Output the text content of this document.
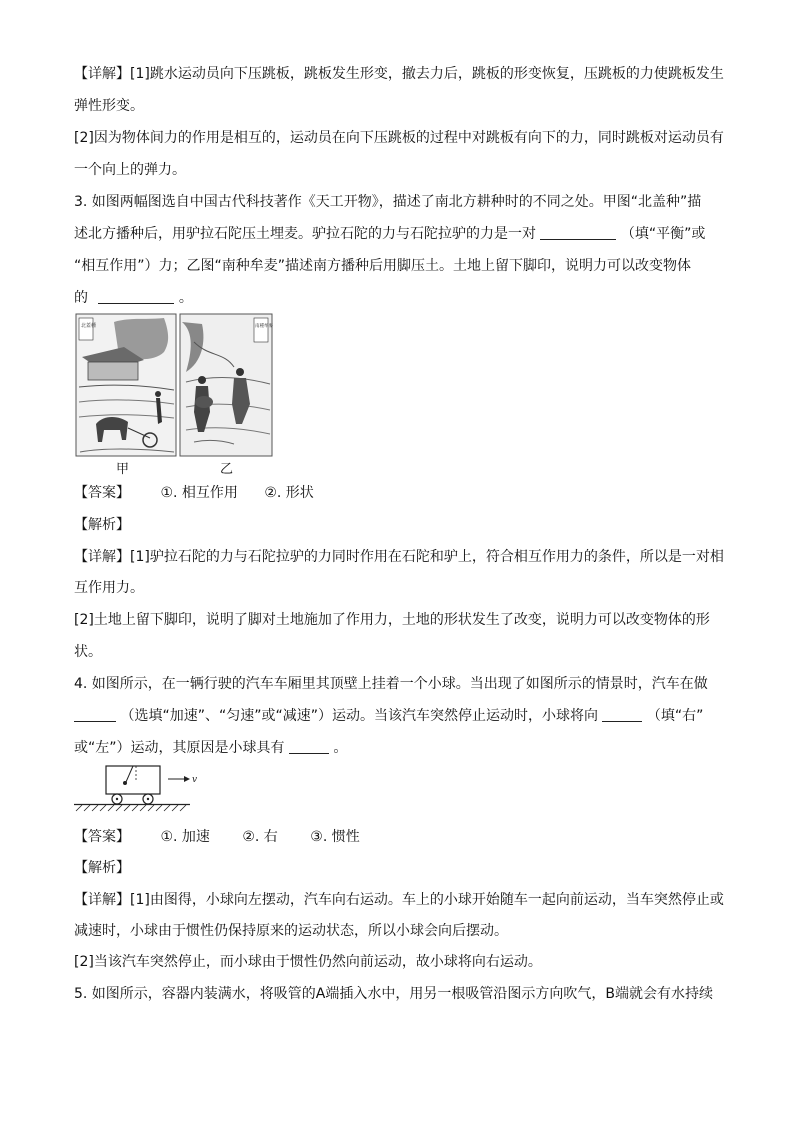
【详解】[1]跳水运动员向下压跳板，跳板发生形变，撤去力后，跳板的形变恢复，压跳板的力使跳板发生
弹性形变。
[2]因为物体间力的作用是相互的，运动员在向下压跳板的过程中对跳板有向下的力，同时跳板对运动员有
一个向上的弹力。
3. 如图两幅图选自中国古代科技著作《天工开物》，描述了南北方耕种时的不同之处。甲图“北盖种”描
述北方播种后，用驴拉石陀压土埋麦。驴拉石陀的力与石陀拉驴的力是一对	（填“平衡”或
“相互作用”）力；乙图“南种牟麦”描述南方播种后用脚压土。土地上留下脚印，说明力可以改变物体
的	。
北蓋種	南種牟麥
甲	乙
【答案】 ①. 相互作用 ②. 形状
【解析】
【详解】[1]驴拉石陀的力与石陀拉驴的力同时作用在石陀和驴上，符合相互作用力的条件，所以是一对相
互作用力。
[2]土地上留下脚印，说明了脚对土地施加了作用力，土地的形状发生了改变，说明力可以改变物体的形
状。
4. 如图所示，在一辆行驶的汽车车厢里其顶壁上挂着一个小球。当出现了如图所示的情景时，汽车在做
（选填“加速”、“匀速”或“减速”）运动。当该汽车突然停止运动时，小球将向	（填“右”
或“左”）运动，其原因是小球具有	。
v
【答案】 ①. 加速 ②. 右 ③. 惯性
【解析】
【详解】[1]由图得，小球向左摆动，汽车向右运动。车上的小球开始随车一起向前运动，当车突然停止或
减速时，小球由于惯性仍保持原来的运动状态，所以小球会向后摆动。
[2]当该汽车突然停止，而小球由于惯性仍然向前运动，故小球将向右运动。
5. 如图所示，容器内装满水，将吸管的A端插入水中，用另一根吸管沿图示方向吹气，B端就会有水持续
